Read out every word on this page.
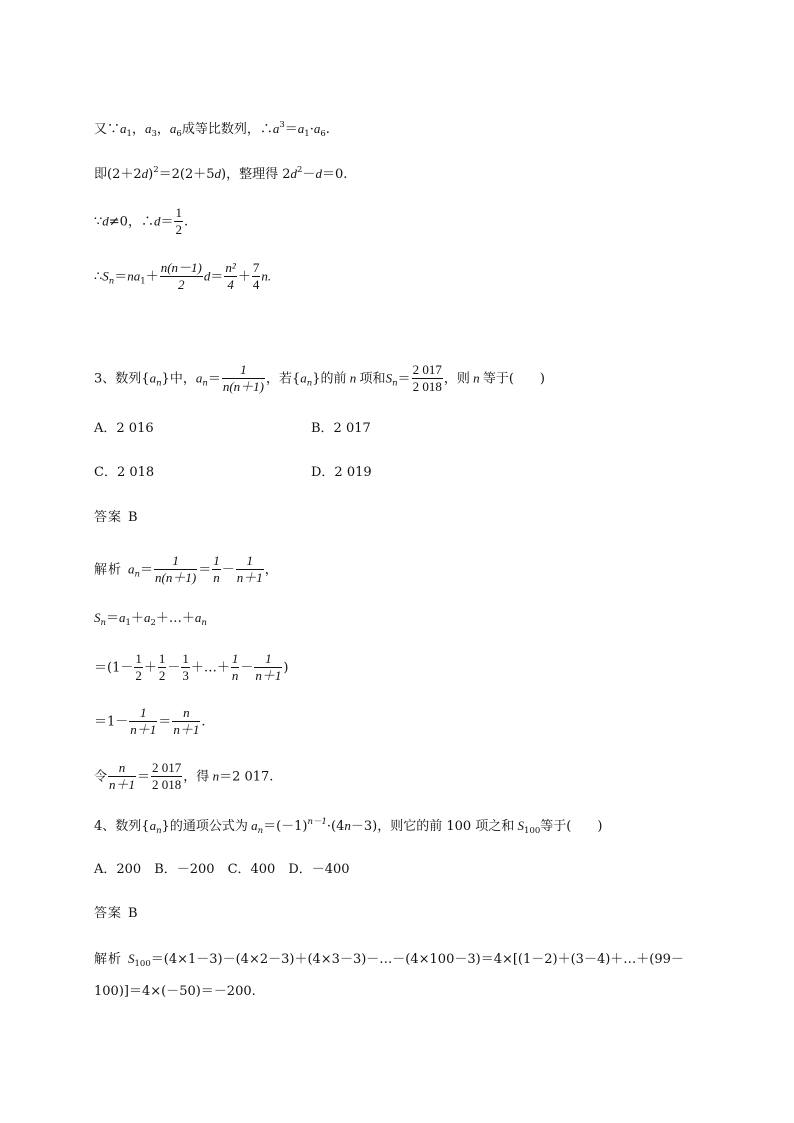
又$\because a_1$，$a_3$，$a_6$成等比数列，$\therefore a^3=a_1\cdot a_6$.
即$(2+2d)^2=2(2+5d)$，整理得 $2d^2-d=0$.
∵d≠0，∴d＝ $\frac{1}{2}$ .
$\therefore S_n=na_1+ \frac{n(n-1)}{2} d= \frac{\text{n²}}{4} + \frac{7}{4} n$.
3、数列$\{a_n\}$中，$a_n= \frac{1}{n(n+1)}$ ，若$\{a_n\}$的前 n 项和$S_n= \frac{2 017}{2 018}$ ，则 n 等于(　　)
A．2 016	B．2 017
C．2 018	D．2 019
答案 B
解析 $a_n= \frac{1}{n(n+1)} = \frac{1}{n} - \frac{1}{n+1}$ ，
$S_n=a_1+a_2+\dots+a_n$
$=(1- \frac{1}{2} + \frac{1}{2} - \frac{1}{3}$ ＋…＋ $\frac{1}{n} - \frac{1}{n+1}$ )
$=1- \frac{1}{n+1} = \frac{n}{n+1}$ .
令 $\frac{n}{n+1} = \frac{2 017}{2 018}$ ，得 n＝2 017.
4、数列$\{a_n\}$的通项公式为 $a_n=(-1)^{n-1}\cdot(4n-3)$，则它的前 100 项之和 $S_{100}$等于(　　)
A．200　B．－200　C．400　D．－400
答案 B
解析 $S_{100}=(4\times 1-3)-(4\times 2-3)+(4\times 3-3)-\dots-(4\times 100-3)=4\times[(1-2)+(3-4)+\dots+(99-$
100)]＝4×(－50)＝－200.
